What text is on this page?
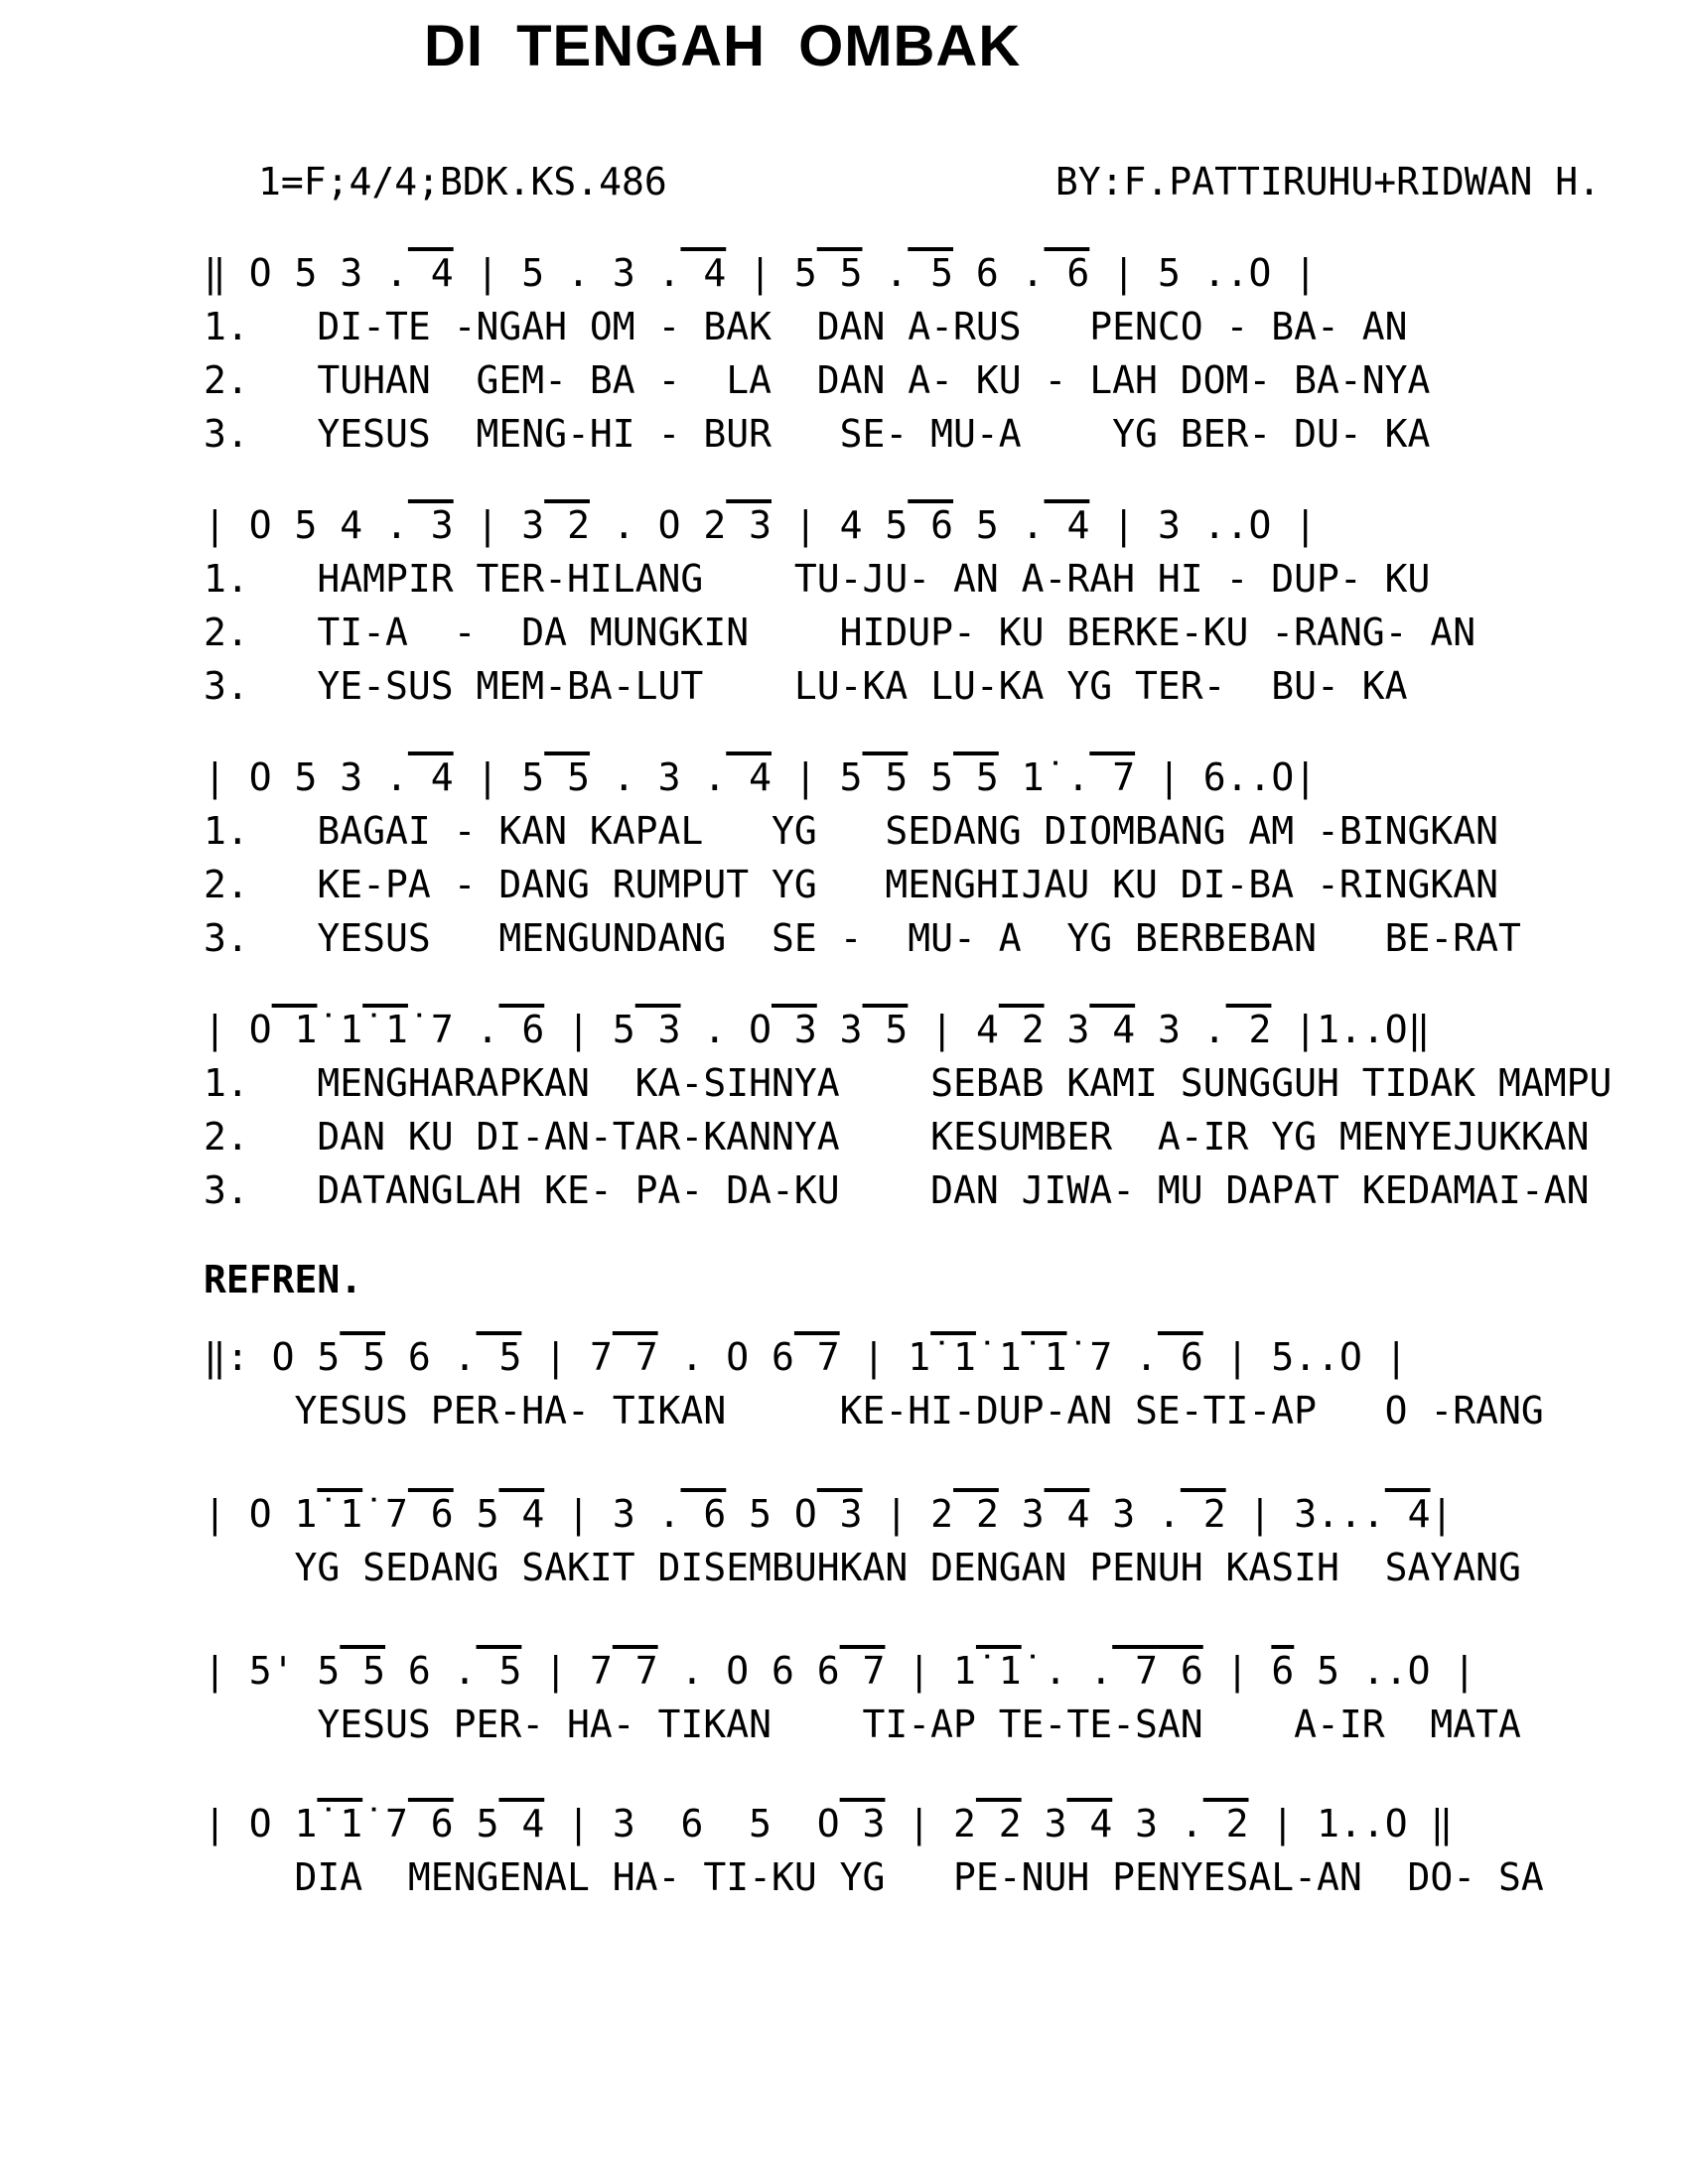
DI TENGAH OMBAK
1=F;4/4;BDK.KS.486	BY:F.PATTIRUHU+RIDWAN H.
‖ O 5 3 . 4 | 5 . 3 . 4 | 5 5 . 5 6 . 6 | 5 ..O |
1.   DI-TE -NGAH OM - BAK  DAN A-RUS   PENCO - BA- AN
2.   TUHAN  GEM- BA -  LA  DAN A- KU - LAH DOM- BA-NYA
3.   YESUS  MENG-HI - BUR   SE- MU-A    YG BER- DU- KA
| O 5 4 . 3 | 3 2 . O 2 3 | 4 5 6 5 . 4 | 3 ..O |
1.   HAMPIR TER-HILANG    TU-JU- AN A-RAH HI - DUP- KU
2.   TI-A  -  DA MUNGKIN    HIDUP- KU BERKE-KU -RANG- AN
3.   YE-SUS MEM-BA-LUT    LU-KA LU-KA YG TER-  BU- KA
| O 5 3 . 4 | 5 5 . 3 . 4 | 5 5 5 5 1̇ . 7 | 6..O|
1.   BAGAI - KAN KAPAL   YG   SEDANG DIOMBANG AM -BINGKAN
2.   KE-PA - DANG RUMPUT YG   MENGHIJAU KU DI-BA -RINGKAN
3.   YESUS   MENGUNDANG  SE -  MU- A  YG BERBEBAN   BE-RAT
| O 1̇ 1̇ 1̇ 7 . 6 | 5 3 . O 3 3 5 | 4 2 3 4 3 . 2 |1..O‖
1.   MENGHARAPKAN  KA-SIHNYA    SEBAB KAMI SUNGGUH TIDAK MAMPU
2.   DAN KU DI-AN-TAR-KANNYA    KESUMBER  A-IR YG MENYEJUKKAN
3.   DATANGLAH KE- PA- DA-KU    DAN JIWA- MU DAPAT KEDAMAI-AN
REFREN.
‖: O 5 5 6 . 5 | 7 7 . O 6 7 | 1̇ 1̇ 1̇ 1̇ 7 . 6 | 5..O |
YESUS PER-HA- TIKAN     KE-HI-DUP-AN SE-TI-AP   O -RANG
| O 1̇ 1̇ 7 6 5 4 | 3 . 6 5 O 3 | 2 2 3 4 3 . 2 | 3... 4|
YG SEDANG SAKIT DISEMBUHKAN DENGAN PENUH KASIH  SAYANG
| 5' 5 5 6 . 5 | 7 7 . O 6 6 7 | 1̇ 1̇ . . 7 6 | 6 5 ..O |
YESUS PER- HA- TIKAN    TI-AP TE-TE-SAN    A-IR  MATA
| O 1̇ 1̇ 7 6 5 4 | 3  6  5  O 3 | 2 2 3 4 3 . 2 | 1..O ‖
DIA  MENGENAL HA- TI-KU YG   PE-NUH PENYESAL-AN  DO- SA
